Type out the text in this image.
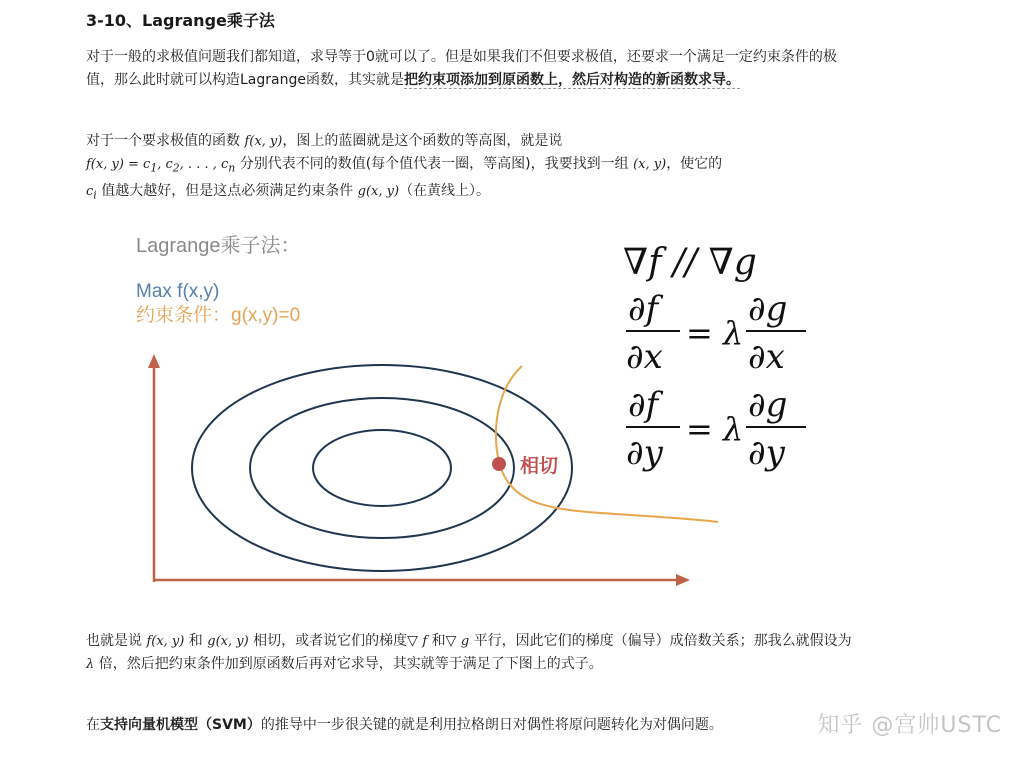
3-10、Lagrange乘子法
对于一般的求极值问题我们都知道，求导等于0就可以了。但是如果我们不但要求极值，还要求一个满足一定约束条件的极值，那么此时就可以构造Lagrange函数，其实就是把约束项添加到原函数上，然后对构造的新函数求导。
对于一个要求极值的函数 f(x, y)，图上的蓝圈就是这个函数的等高图，就是说
f(x, $y) = c_1$, $c_2$, . . . , $c_n$ 分别代表不同的数值(每个值代表一圈，等高图)，我要找到一组 (x, y)，使它的
$c_i$ 值越大越好，但是这点必须满足约束条件 g(x, y)（在黄线上）。
Lagrange乘子法：
Max f(x,y)
约束条件：g(x,y)=0
相切
∇f // ∇g
∂f
∂x
= λ
∂g
∂x
∂f
∂y
= λ
∂g
∂y
也就是说 f(x, y) 和 g(x, y) 相切，或者说它们的梯度▽ f 和▽ g 平行，因此它们的梯度（偏导）成倍数关系；那我么就假设为 λ 倍，然后把约束条件加到原函数后再对它求导，其实就等于满足了下图上的式子。
在支持向量机模型（SVM）的推导中一步很关键的就是利用拉格朗日对偶性将原问题转化为对偶问题。	知乎 @宫帅USTC
